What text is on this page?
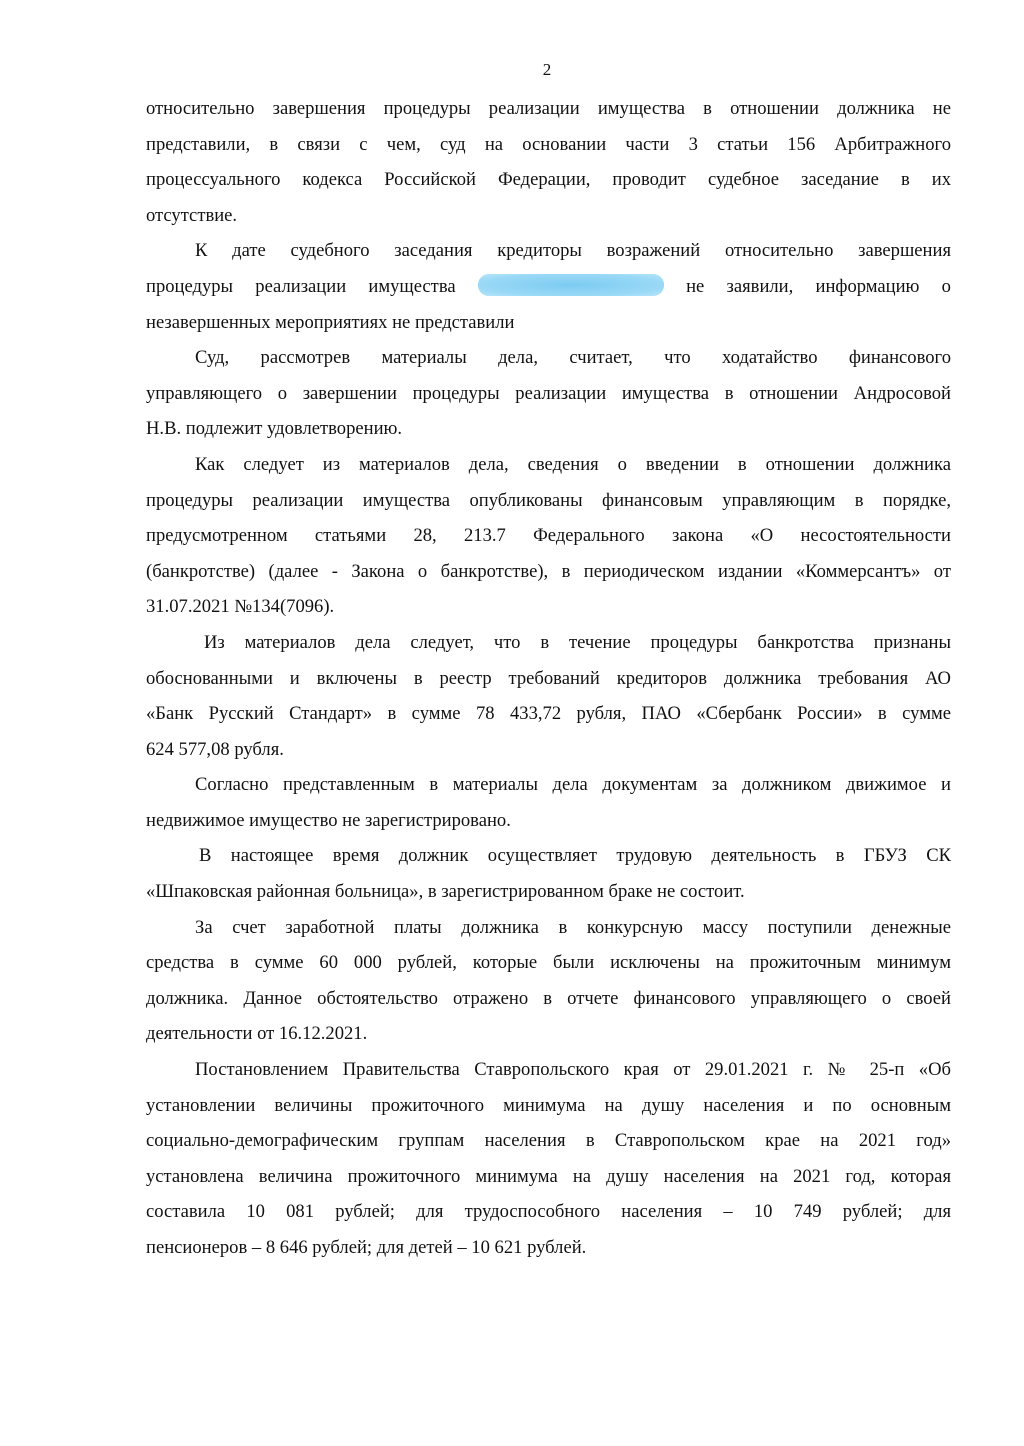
2
относительно завершения процедуры реализации имущества в отношении должника не
представили, в связи с чем, суд на основании части 3 статьи 156 Арбитражного
процессуального кодекса Российской Федерации, проводит судебное заседание в их
отсутствие.
К дате судебного заседания кредиторы возражений относительно завершения
процедуры реализации имущества	не заявили, информацию о
незавершенных мероприятиях не представили
Суд, рассмотрев материалы дела, считает, что ходатайство финансового
управляющего о завершении процедуры реализации имущества в отношении Андросовой
Н.В. подлежит удовлетворению.
Как следует из материалов дела, сведения о введении в отношении должника
процедуры реализации имущества опубликованы финансовым управляющим в порядке,
предусмотренном статьями 28, 213.7 Федерального закона «О несостоятельности
(банкротстве) (далее - Закона о банкротстве), в периодическом издании «Коммерсантъ» от
31.07.2021 №134(7096).
Из материалов дела следует, что в течение процедуры банкротства признаны
обоснованными и включены в реестр требований кредиторов должника требования АО
«Банк Русский Стандарт» в сумме 78 433,72 рубля, ПАО «Сбербанк России» в сумме
624 577,08 рубля.
Согласно представленным в материалы дела документам за должником движимое и
недвижимое имущество не зарегистрировано.
В настоящее время должник осуществляет трудовую деятельность в ГБУЗ СК
«Шпаковская районная больница», в зарегистрированном браке не состоит.
За счет заработной платы должника в конкурсную массу поступили денежные
средства в сумме 60 000 рублей, которые были исключены на прожиточным минимум
должника. Данное обстоятельство отражено в отчете финансового управляющего о своей
деятельности от 16.12.2021.
Постановлением Правительства Ставропольского края от 29.01.2021 г. № 25-п «Об
установлении величины прожиточного минимума на душу населения и по основным
социально-демографическим группам населения в Ставропольском крае на 2021 год»
установлена величина прожиточного минимума на душу населения на 2021 год, которая
составила 10 081 рублей; для трудоспособного населения – 10 749 рублей; для
пенсионеров – 8 646 рублей; для детей – 10 621 рублей.
